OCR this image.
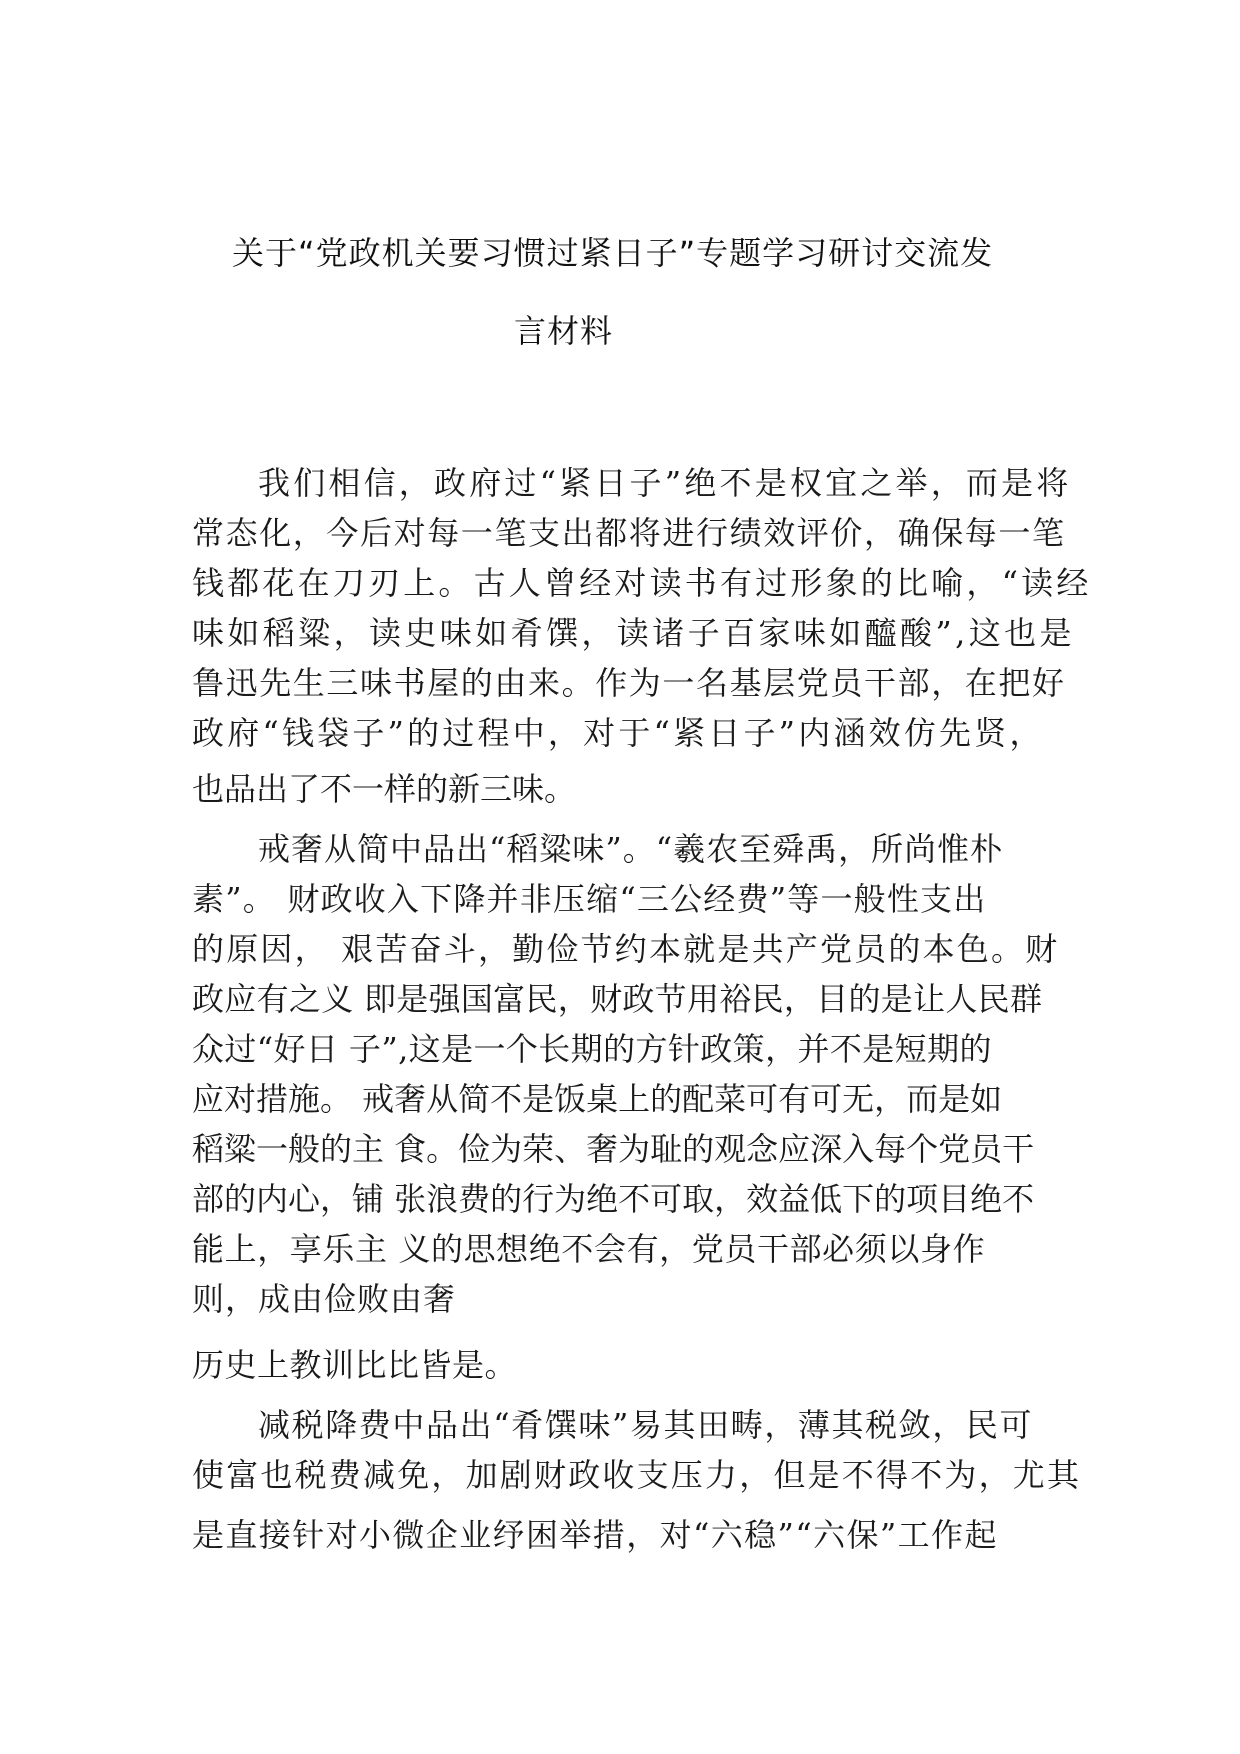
关于“党政机关要习惯过紧日子”专题学习研讨交流发
言材料
我们相信，政府过“紧日子”绝不是权宜之举，而是将
常态化，今后对每一笔支出都将进行绩效评价，确保每一笔
钱都花在刀刃上。古人曾经对读书有过形象的比喻，“读经
味如稻粱，读史味如肴馔，读诸子百家味如醯酸”,这也是
鲁迅先生三味书屋的由来。作为一名基层党员干部，在把好
政府“钱袋子”的过程中，对于“紧日子”内涵效仿先贤，
也品出了不一样的新三味。
戒奢从简中品出“稻粱味”。“羲农至舜禹，所尚惟朴
素”。 财政收入下降并非压缩“三公经费”等一般性支出
的原因， 艰苦奋斗，勤俭节约本就是共产党员的本色。财
政应有之义 即是强国富民，财政节用裕民，目的是让人民群
众过“好日 子”,这是一个长期的方针政策，并不是短期的
应对措施。 戒奢从简不是饭桌上的配菜可有可无，而是如
稻粱一般的主 食。俭为荣、奢为耻的观念应深入每个党员干
部的内心，铺 张浪费的行为绝不可取，效益低下的项目绝不
能上，享乐主 义的思想绝不会有，党员干部必须以身作
则，成由俭败由奢
历史上教训比比皆是。
减税降费中品出“肴馔味”易其田畴，薄其税敛，民可
使富也税费减免，加剧财政收支压力，但是不得不为，尤其
是直接针对小微企业纾困举措，对“六稳”“六保”工作起
